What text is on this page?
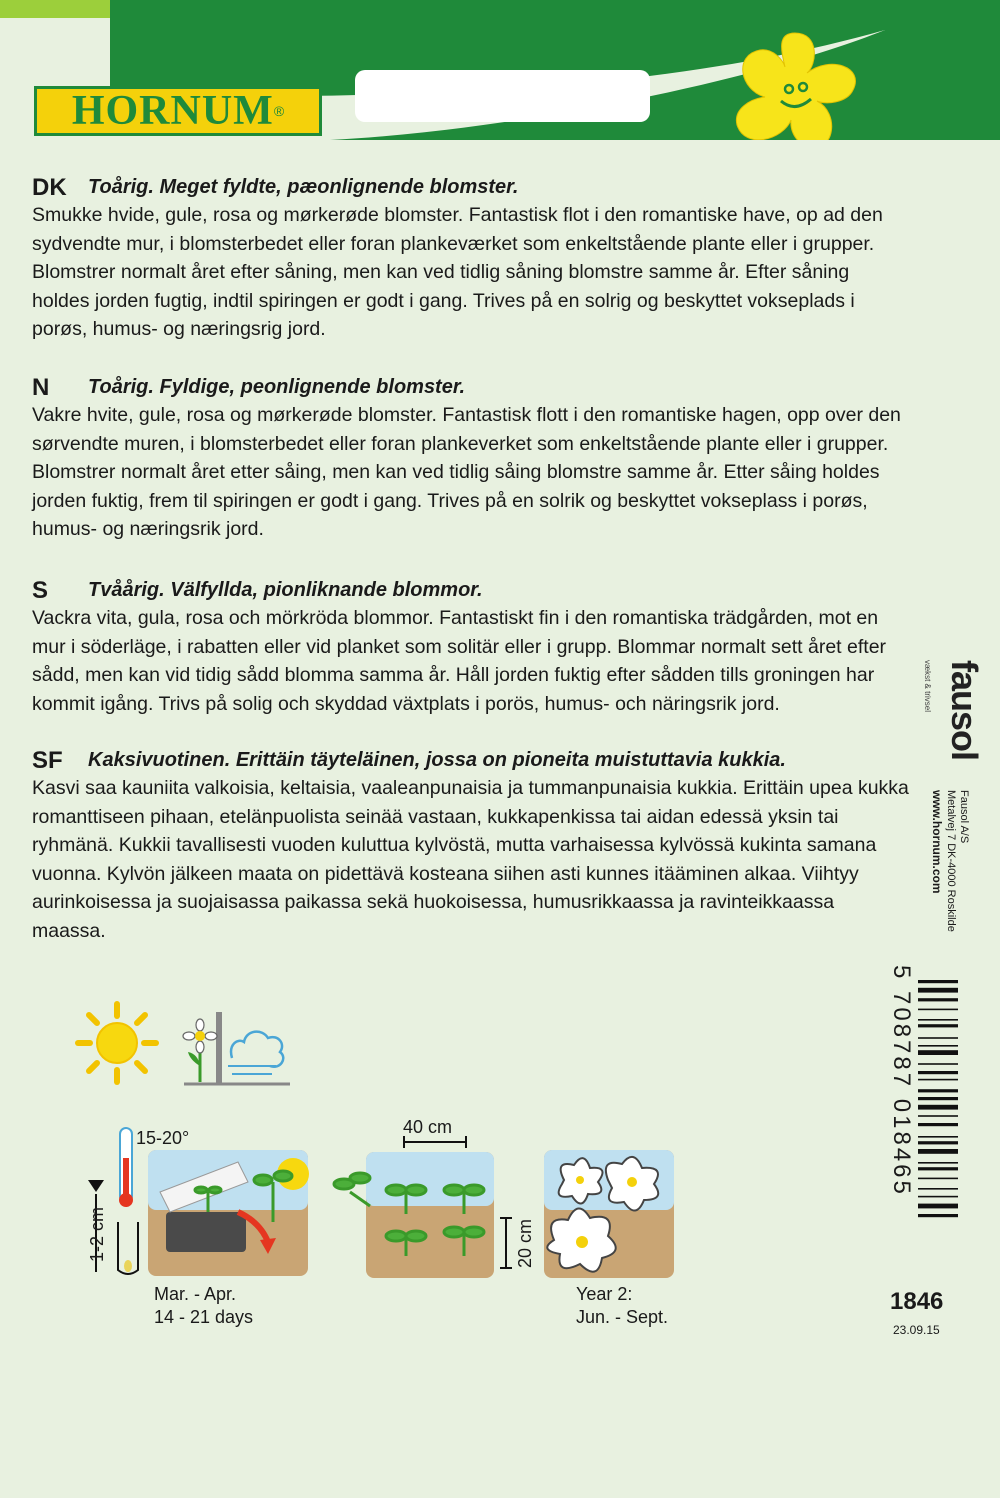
HORNUM ®
DK	Toårig. Meget fyldte, pæonlignende blomster.
Smukke hvide, gule, rosa og mørkerøde blomster. Fantastisk flot i den romantiske have, op ad den sydvendte mur, i blomsterbedet eller foran plankeværket som enkeltstående plante eller i grupper. Blomstrer normalt året efter såning, men kan ved tidlig såning blomstre samme år. Efter såning holdes jorden fugtig, indtil spiringen er godt i gang. Trives på en solrig og beskyttet vokseplads i porøs, humus- og næringsrig jord.
N	Toårig. Fyldige, peonlignende blomster.
Vakre hvite, gule, rosa og mørkerøde blomster. Fantastisk flott i den romantiske hagen, opp over den sørvendte muren, i blomsterbedet eller foran plankeverket som enkeltstående plante eller i grupper. Blomstrer normalt året etter såing, men kan ved tidlig såing blomstre samme år. Etter såing holdes jorden fuktig, frem til spiringen er godt i gang. Trives på en solrik og beskyttet vokseplass i porøs, humus- og næringsrik jord.
S	Tvåårig. Välfyllda, pionliknande blommor.
Vackra vita, gula, rosa och mörkröda blommor. Fantastiskt fin i den romantiska trädgården, mot en mur i söderläge, i rabatten eller vid planket som solitär eller i grupp. Blommar normalt sett året efter sådd, men kan vid tidig sådd blomma samma år. Håll jorden fuktig efter sådden tills groningen har kommit igång. Trivs på solig och skyddad växtplats i porös, humus- och näringsrik jord.
SF	Kaksivuotinen. Erittäin täyteläinen, jossa on pioneita muistuttavia kukkia.
Kasvi saa kauniita valkoisia, keltaisia, vaaleanpunaisia ja tummanpunaisia kukkia. Erittäin upea kukka romanttiseen pihaan, etelänpuolista seinää vastaan, kukkapenkissa tai aidan edessä yksin tai ryhmänä. Kukkii tavallisesti vuoden kuluttua kylvöstä, mutta varhaisessa kylvössä kukinta samana vuonna. Kylvön jälkeen maata on pidettävä kosteana siihen asti kunnes itääminen alkaa. Viihtyy aurinkoisessa ja suojaisassa paikassa sekä huokoisessa, humusrikkaassa ja ravinteikkaassa maassa.
fausol
vækst & trivsel
Fausol A/S
Metalvej 7 DK-4000 Roskilde
www.hornum.com
5 708787 018465
1846
23.09.15
15-20°
1-2 cm
Mar. - Apr.
14 - 21 days
40 cm
20 cm
Year 2:
Jun. - Sept.
